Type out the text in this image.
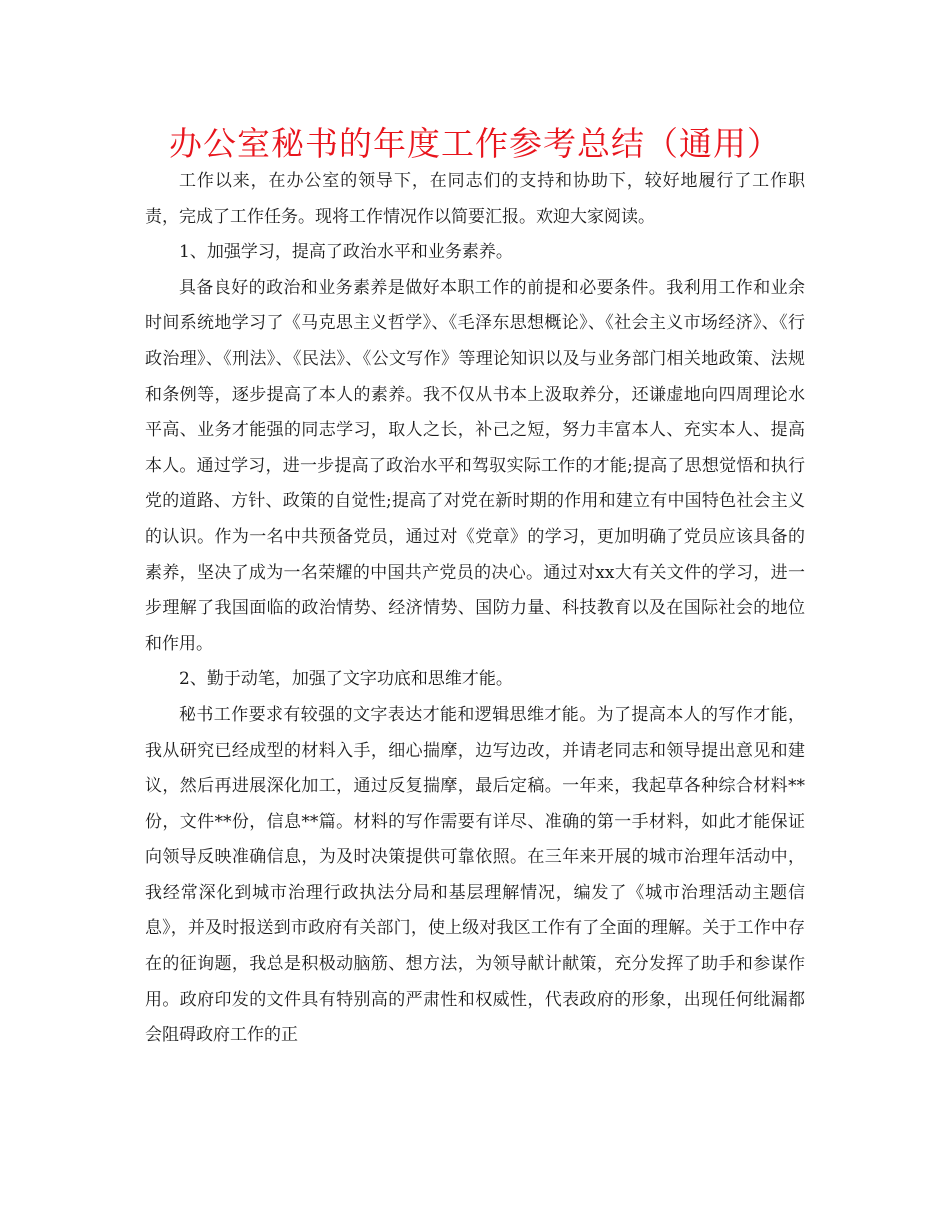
办公室秘书的年度工作参考总结（通用）

工作以来，在办公室的领导下，在同志们的支持和协助下，较好地履行了工作职责，完成了工作任务。现将工作情况作以简要汇报。欢迎大家阅读。

1、加强学习，提高了政治水平和业务素养。

具备良好的政治和业务素养是做好本职工作的前提和必要条件。我利用工作和业余时间系统地学习了《马克思主义哲学》、《毛泽东思想概论》、《社会主义市场经济》、《行政治理》、《刑法》、《民法》、《公文写作》等理论知识以及与业务部门相关地政策、法规和条例等，逐步提高了本人的素养。我不仅从书本上汲取养分，还谦虚地向四周理论水平高、业务才能强的同志学习，取人之长，补己之短，努力丰富本人、充实本人、提高本人。通过学习，进一步提高了政治水平和驾驭实际工作的才能;提高了思想觉悟和执行党的道路、方针、政策的自觉性;提高了对党在新时期的作用和建立有中国特色社会主义的认识。作为一名中共预备党员，通过对《党章》的学习，更加明确了党员应该具备的素养，坚决了成为一名荣耀的中国共产党员的决心。通过对xx大有关文件的学习，进一步理解了我国面临的政治情势、经济情势、国防力量、科技教育以及在国际社会的地位和作用。

2、勤于动笔，加强了文字功底和思维才能。

秘书工作要求有较强的文字表达才能和逻辑思维才能。为了提高本人的写作才能，我从研究已经成型的材料入手，细心揣摩，边写边改，并请老同志和领导提出意见和建议，然后再进展深化加工，通过反复揣摩，最后定稿。一年来，我起草各种综合材料**份，文件**份，信息**篇。材料的写作需要有详尽、准确的第一手材料，如此才能保证向领导反映准确信息，为及时决策提供可靠依照。在三年来开展的城市治理年活动中，我经常深化到城市治理行政执法分局和基层理解情况，编发了《城市治理活动主题信息》，并及时报送到市政府有关部门，使上级对我区工作有了全面的理解。关于工作中存在的征询题，我总是积极动脑筋、想方法，为领导献计献策，充分发挥了助手和参谋作用。政府印发的文件具有特别高的严肃性和权威性，代表政府的形象，出现任何纰漏都会阻碍政府工作的正
